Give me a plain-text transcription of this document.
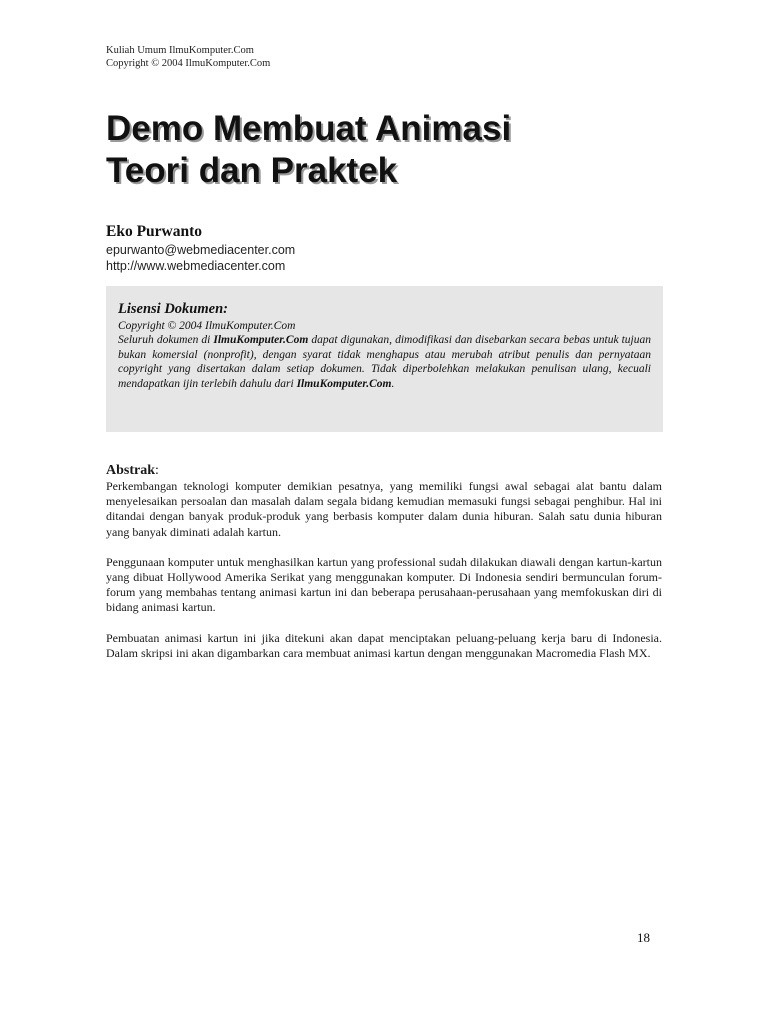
Kuliah Umum IlmuKomputer.Com
Copyright © 2004 IlmuKomputer.Com
Demo Membuat Animasi
Teori dan Praktek
Eko Purwanto
epurwanto@webmediacenter.com
http://www.webmediacenter.com
Lisensi Dokumen:
Copyright © 2004 IlmuKomputer.Com
Seluruh dokumen di IlmuKomputer.Com dapat digunakan, dimodifikasi dan disebarkan secara bebas untuk tujuan bukan komersial (nonprofit), dengan syarat tidak menghapus atau merubah atribut penulis dan pernyataan copyright yang disertakan dalam setiap dokumen. Tidak diperbolehkan melakukan penulisan ulang, kecuali mendapatkan ijin terlebih dahulu dari IlmuKomputer.Com.
Abstrak:

Perkembangan teknologi komputer demikian pesatnya, yang memiliki fungsi awal sebagai alat bantu dalam menyelesaikan persoalan dan masalah dalam segala bidang kemudian memasuki fungsi sebagai penghibur. Hal ini ditandai dengan banyak produk-produk yang berbasis komputer dalam dunia hiburan. Salah satu dunia hiburan yang banyak diminati adalah kartun.

Penggunaan komputer untuk menghasilkan kartun yang professional sudah dilakukan diawali dengan kartun-kartun yang dibuat Hollywood Amerika Serikat yang menggunakan komputer. Di Indonesia sendiri bermunculan forum-forum yang membahas tentang animasi kartun ini dan beberapa perusahaan-perusahaan yang memfokuskan diri di bidang animasi kartun.

Pembuatan animasi kartun ini jika ditekuni akan dapat menciptakan peluang-peluang kerja baru di Indonesia. Dalam skripsi ini akan digambarkan cara membuat animasi kartun dengan menggunakan Macromedia Flash MX.

18
